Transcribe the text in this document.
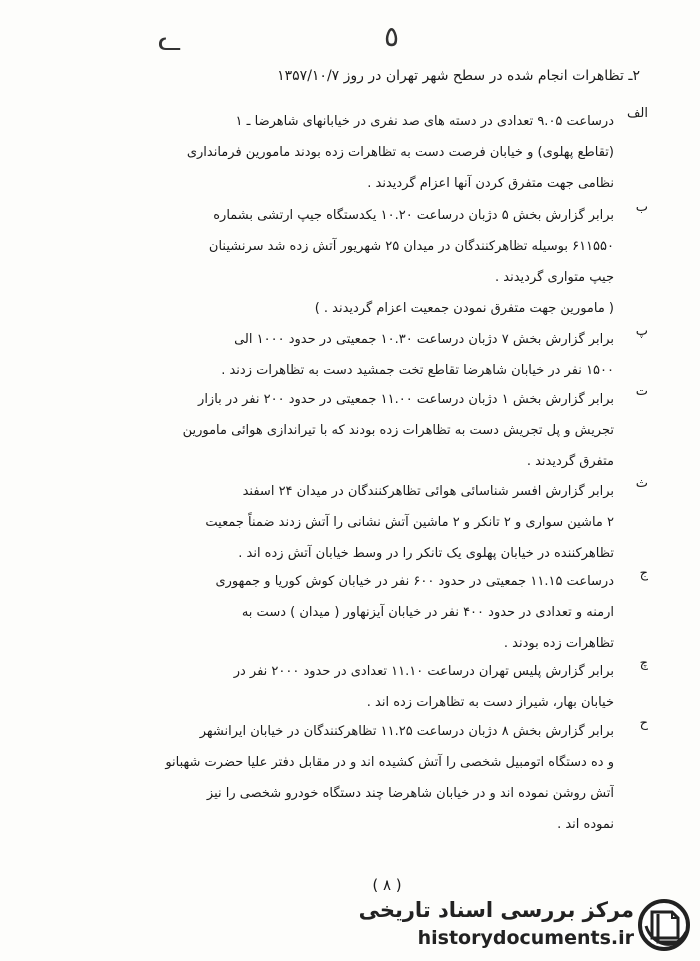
ᓚ	٥
۲ـ تظاهرات انجام شده در سطح شهر تهران در روز ۱۳۵۷/۱۰/۷
الف

درساعت ۹.۰۵ تعدادی در دسته های صد نفری در خیابانهای شاهرضا ـ ۱

(تقاطع پهلوی) و خیابان فرصت دست به تظاهرات زده بودند مامورین فرمانداری

نظامی جهت متفرق کردن آنها اعزام گردیدند .

ب

برابر گزارش بخش ۵ دژبان درساعت ۱۰.۲۰ یکدستگاه جیپ ارتشی بشماره

۶۱۱۵۵۰ بوسیله تظاهرکنندگان در میدان ۲۵ شهریور آتش زده شد سرنشینان

جیپ متواری گردیدند .

( مامورین جهت متفرق نمودن جمعیت اعزام گردیدند . )

پ

برابر گزارش بخش ۷ دژبان درساعت ۱۰.۳۰ جمعیتی در حدود ۱۰۰۰ الی

۱۵۰۰ نفر در خیابان شاهرضا تقاطع تخت جمشید دست به تظاهرات زدند .

ت

برابر گزارش بخش ۱ دژبان درساعت ۱۱.۰۰ جمعیتی در حدود ۲۰۰ نفر در بازار

تجریش و پل تجریش دست به تظاهرات زده بودند که با تیراندازی هوائی مامورین

متفرق گردیدند .

ث

برابر گزارش افسر شناسائی هوائی تظاهرکنندگان در میدان ۲۴ اسفند

۲ ماشین سواری و ۲ تانکر و ۲ ماشین آتش نشانی را آتش زدند ضمناً جمعیت

تظاهرکننده در خیابان پهلوی یک تانکر را در وسط خیابان آتش زده اند .

ج

درساعت ۱۱.۱۵ جمعیتی در حدود ۶۰۰ نفر در خیابان کوش کوریا و جمهوری

ارمنه و تعدادی در حدود ۴۰۰ نفر در خیابان آیزنهاور ( میدان ) دست به

تظاهرات زده بودند .

چ

برابر گزارش پلیس تهران درساعت ۱۱.۱۰ تعدادی در حدود ۲۰۰۰ نفر در

خیابان بهار، شیراز دست به تظاهرات زده اند .

ح

برابر گزارش بخش ۸ دژبان درساعت ۱۱.۲۵ تظاهرکنندگان در خیابان ایرانشهر

و ده دستگاه اتومبیل شخصی را آتش کشیده اند و در مقابل دفتر علیا حضرت شهبانو

آتش روشن نموده اند و در خیابان شاهرضا چند دستگاه خودرو شخصی را نیز

نموده اند .

( ۸ )
مرکز بررسی اسناد تاریخی
historydocuments.ir
